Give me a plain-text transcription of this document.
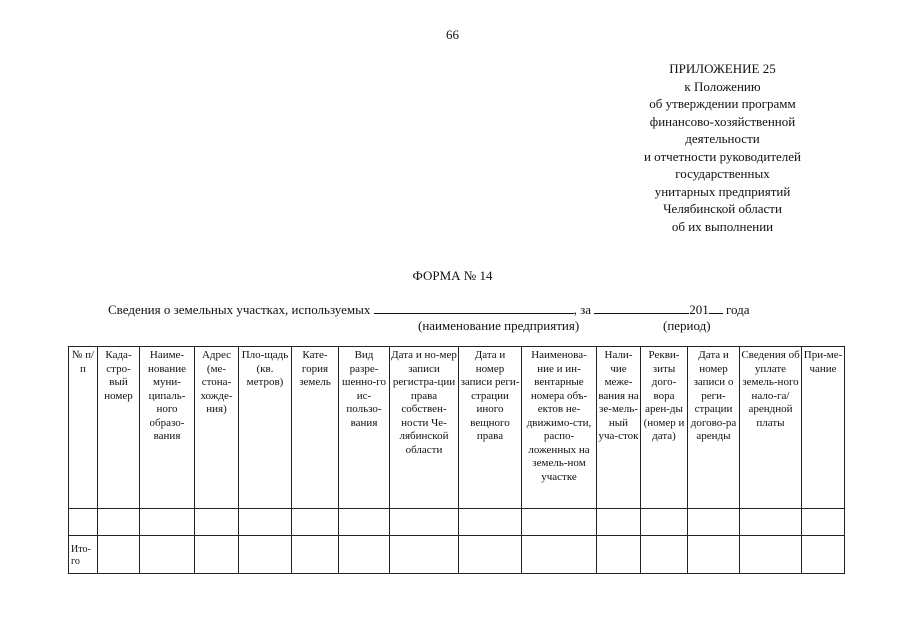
66
ПРИЛОЖЕНИЕ 25
к Положению
об утверждении программ
финансово-хозяйственной
деятельности
и отчетности руководителей
государственных
унитарных предприятий
Челябинской области
об их выполнении
ФОРМА № 14
Сведения о земельных участках, используемых	, за	201 года
(наименование предприятия)	(период)
№ п/п	Када-стро-вый номер	Наиме-нование муни-ципаль-ного образо-вания	Адрес (ме-стона-хожде-ния)	Пло-щадь (кв. метров)	Кате-гория земель	Вид разре-шенно-го ис-пользо-вания	Дата и но-мер записи регистра-ции права собствен-ности Че-лябинской области	Дата и номер записи реги-страции иного вещного права	Наименова-ние и ин-вентарные номера объ-ектов не-движимо-сти, распо-ложенных на земель-ном участке	Нали-чие меже-вания на зе-мель-ный уча-сток	Рекви-зиты дого-вора арен-ды (номер и дата)	Дата и номер записи о реги-страции догово-ра аренды	Сведения об уплате земель-ного нало-га/арендной платы	При-ме-чание

Ито-го														
